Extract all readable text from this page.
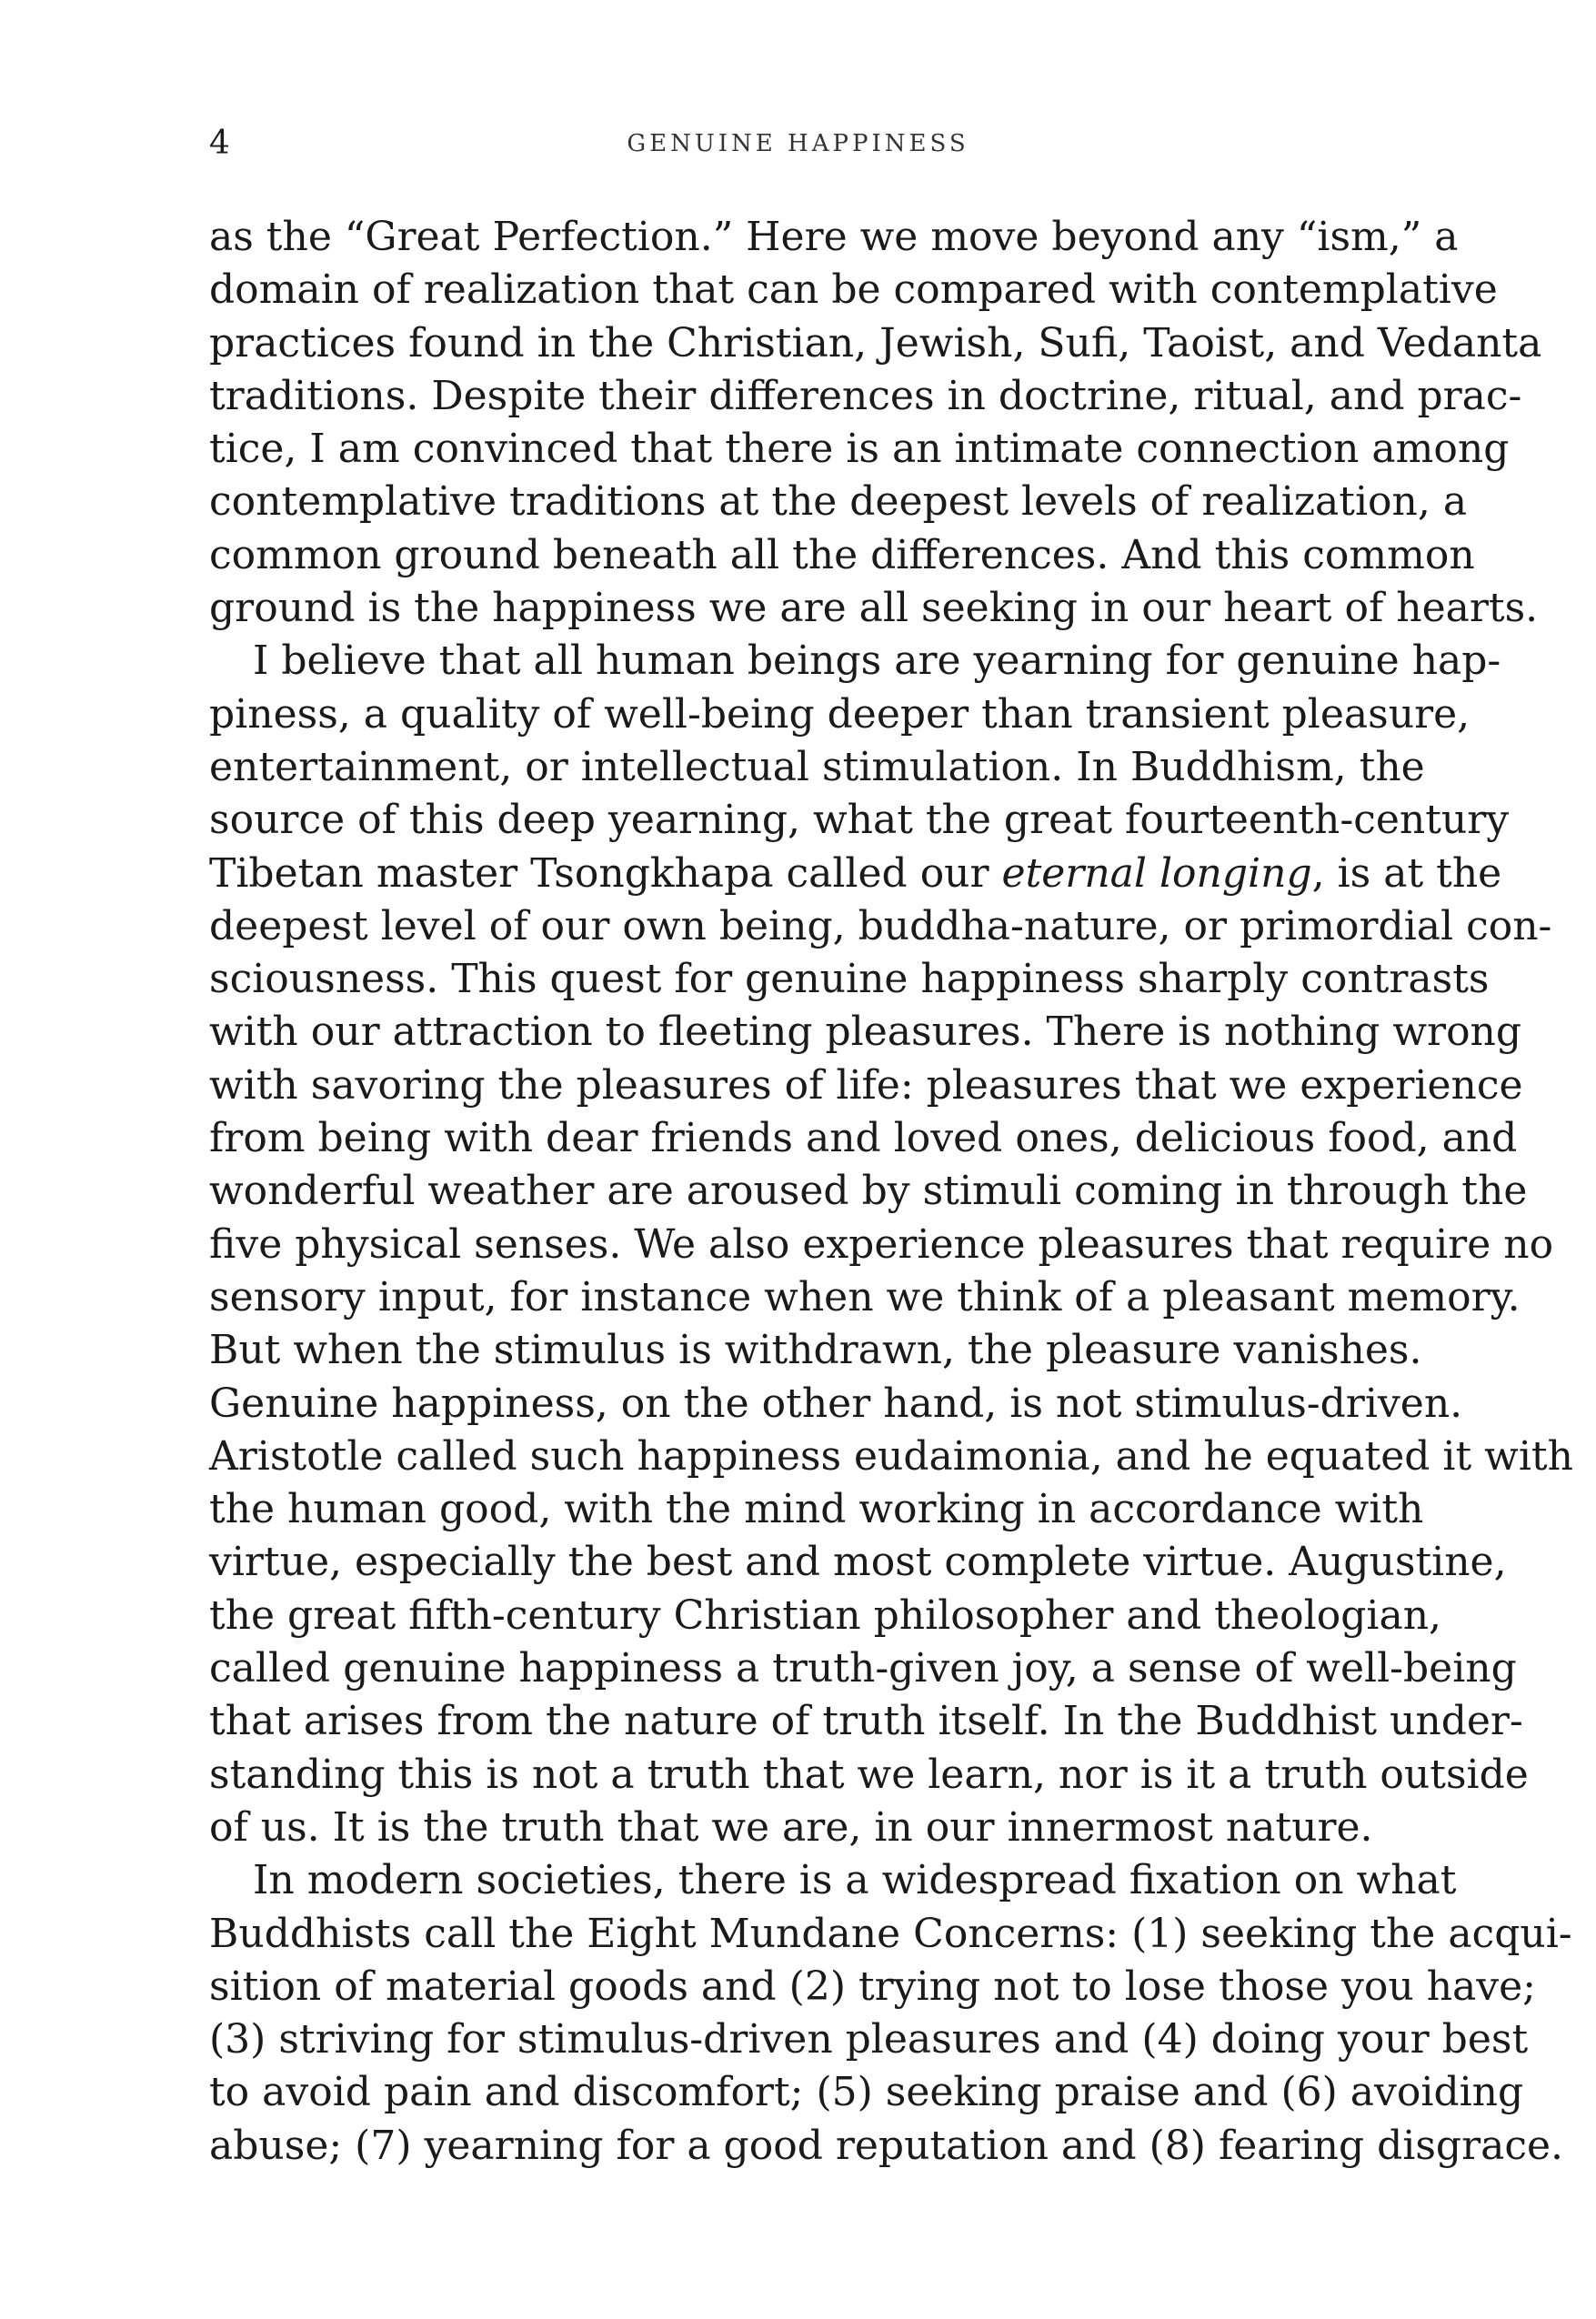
4	GENUINE HAPPINESS

as the “Great Perfection.” Here we move beyond any “ism,” a
domain of realization that can be compared with contemplative
practices found in the Christian, Jewish, Sufi, Taoist, and Vedanta
traditions. Despite their differences in doctrine, ritual, and prac-
tice, I am convinced that there is an intimate connection among
contemplative traditions at the deepest levels of realization, a
common ground beneath all the differences. And this common
ground is the happiness we are all seeking in our heart of hearts.

I believe that all human beings are yearning for genuine hap-
piness, a quality of well-being deeper than transient pleasure,
entertainment, or intellectual stimulation. In Buddhism, the
source of this deep yearning, what the great fourteenth-century
Tibetan master Tsongkhapa called our eternal longing, is at the
deepest level of our own being, buddha-nature, or primordial con-
sciousness. This quest for genuine happiness sharply contrasts
with our attraction to fleeting pleasures. There is nothing wrong
with savoring the pleasures of life: pleasures that we experience
from being with dear friends and loved ones, delicious food, and
wonderful weather are aroused by stimuli coming in through the
five physical senses. We also experience pleasures that require no
sensory input, for instance when we think of a pleasant memory.
But when the stimulus is withdrawn, the pleasure vanishes.
Genuine happiness, on the other hand, is not stimulus-driven.
Aristotle called such happiness eudaimonia, and he equated it with
the human good, with the mind working in accordance with
virtue, especially the best and most complete virtue. Augustine,
the great fifth-century Christian philosopher and theologian,
called genuine happiness a truth-given joy, a sense of well-being
that arises from the nature of truth itself. In the Buddhist under-
standing this is not a truth that we learn, nor is it a truth outside
of us. It is the truth that we are, in our innermost nature.

In modern societies, there is a widespread fixation on what
Buddhists call the Eight Mundane Concerns: (1) seeking the acqui-
sition of material goods and (2) trying not to lose those you have;
(3) striving for stimulus-driven pleasures and (4) doing your best
to avoid pain and discomfort; (5) seeking praise and (6) avoiding
abuse; (7) yearning for a good reputation and (8) fearing disgrace.
